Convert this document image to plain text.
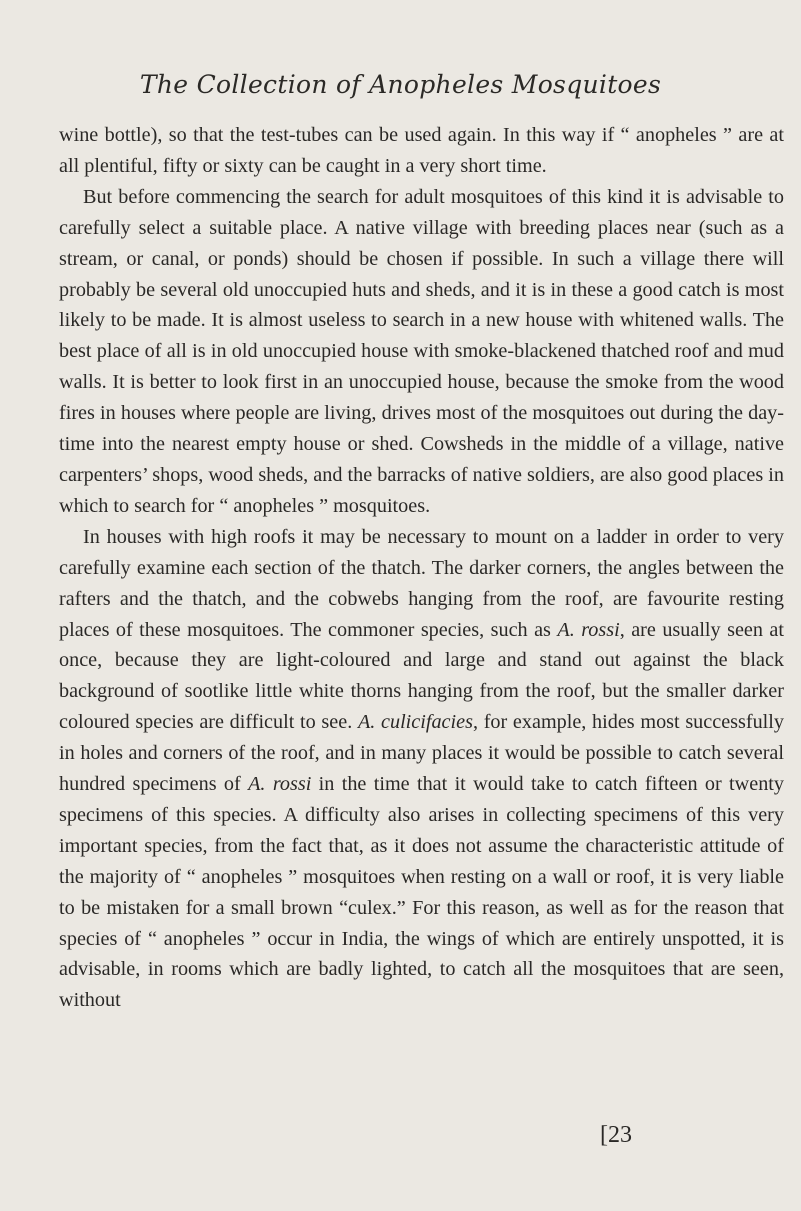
The Collection of Anopheles Mosquitoes

wine bottle), so that the test-tubes can be used again. In this way if “ anopheles ” are at all plentiful, fifty or sixty can be caught in a very short time.

But before commencing the search for adult mosquitoes of this kind it is advisable to carefully select a suitable place. A native village with breeding places near (such as a stream, or canal, or ponds) should be chosen if possible. In such a village there will probably be several old unoccupied huts and sheds, and it is in these a good catch is most likely to be made. It is almost useless to search in a new house with whitened walls. The best place of all is in old unoccupied house with smoke-blackened thatched roof and mud walls. It is better to look first in an unoccupied house, because the smoke from the wood fires in houses where people are living, drives most of the mosquitoes out during the day-time into the nearest empty house or shed. Cowsheds in the middle of a village, native carpenters’ shops, wood sheds, and the barracks of native soldiers, are also good places in which to search for “ anopheles ” mosquitoes.

In houses with high roofs it may be necessary to mount on a ladder in order to very carefully examine each section of the thatch. The darker corners, the angles between the rafters and the thatch, and the cobwebs hanging from the roof, are favourite resting places of these mosquitoes. The commoner species, such as A. rossi, are usually seen at once, because they are light-coloured and large and stand out against the black background of sootlike little white thorns hanging from the roof, but the smaller darker coloured species are difficult to see. A. culicifacies, for example, hides most successfully in holes and corners of the roof, and in many places it would be possible to catch several hundred specimens of A. rossi in the time that it would take to catch fifteen or twenty specimens of this species. A difficulty also arises in collecting specimens of this very important species, from the fact that, as it does not assume the characteristic attitude of the majority of “ anopheles ” mosquitoes when resting on a wall or roof, it is very liable to be mistaken for a small brown “culex.” For this reason, as well as for the reason that species of “ anopheles ” occur in India, the wings of which are entirely unspotted, it is advisable, in rooms which are badly lighted, to catch all the mosquitoes that are seen, without

[23
